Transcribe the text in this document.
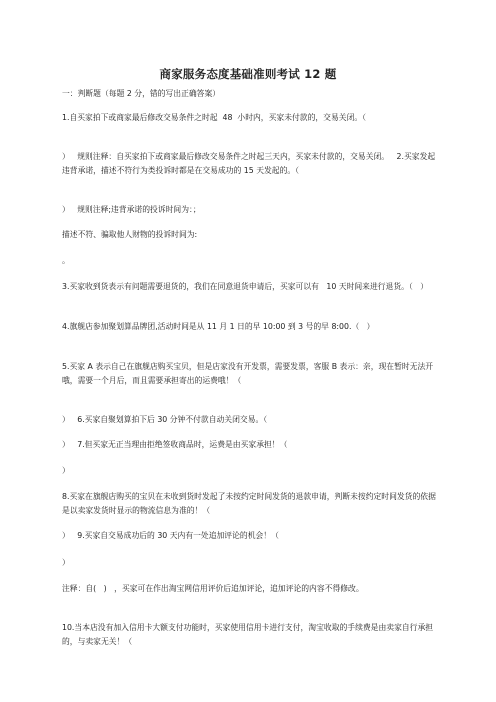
商家服务态度基础准则考试 12 题
一：判断题（每题 2 分，错的写出正确答案）
1.自买家拍下或商家最后修改交易条件之时起  48  小时内，买家未付款的，交易关闭。（
）   规则注释：自买家拍下或商家最后修改交易条件之时起三天内，买家未付款的，交易关闭。   2.买家发起违背承诺，描述不符行为类投诉时都是在交易成功的 15 天发起的。（
）   规则注释;违背承诺的投诉时间为：；
描述不符、骗取他人财物的投诉时间为:
。
3.买家收到货表示有问题需要退货的，我们在同意退货申请后，买家可以有   10 天时间来进行退货。（   ）
4.旗舰店参加聚划算品牌团,活动时间是从 11 月 1 日的早 10:00 到 3 号的早 8:00.（   ）
5.买家 A 表示自己在旗舰店购买宝贝，但是店家没有开发票，需要发票，客服 B 表示：亲，现在暂时无法开哦，需要一个月后，而且需要承担寄出的运费哦！（
）   6.买家自聚划算拍下后 30 分钟不付款自动关闭交易。（
）   7.但买家无正当理由拒绝签收商品时，运费是由买家承担！（
）
8.买家在旗舰店购买的宝贝在未收到货时发起了未按约定时间发货的退款申请，判断未按约定时间发货的依据是以卖家发货时显示的物流信息为准的！（
）   9.买家自交易成功后的 30 天内有一处追加评论的机会！（
）
注释：自(   )   ，买家可在作出淘宝网信用评价后追加评论，追加评论的内容不得修改。
10.当本店没有加入信用卡大额支付功能时，买家使用信用卡进行支付，淘宝收取的手续费是由卖家自行承担的，与卖家无关！（
